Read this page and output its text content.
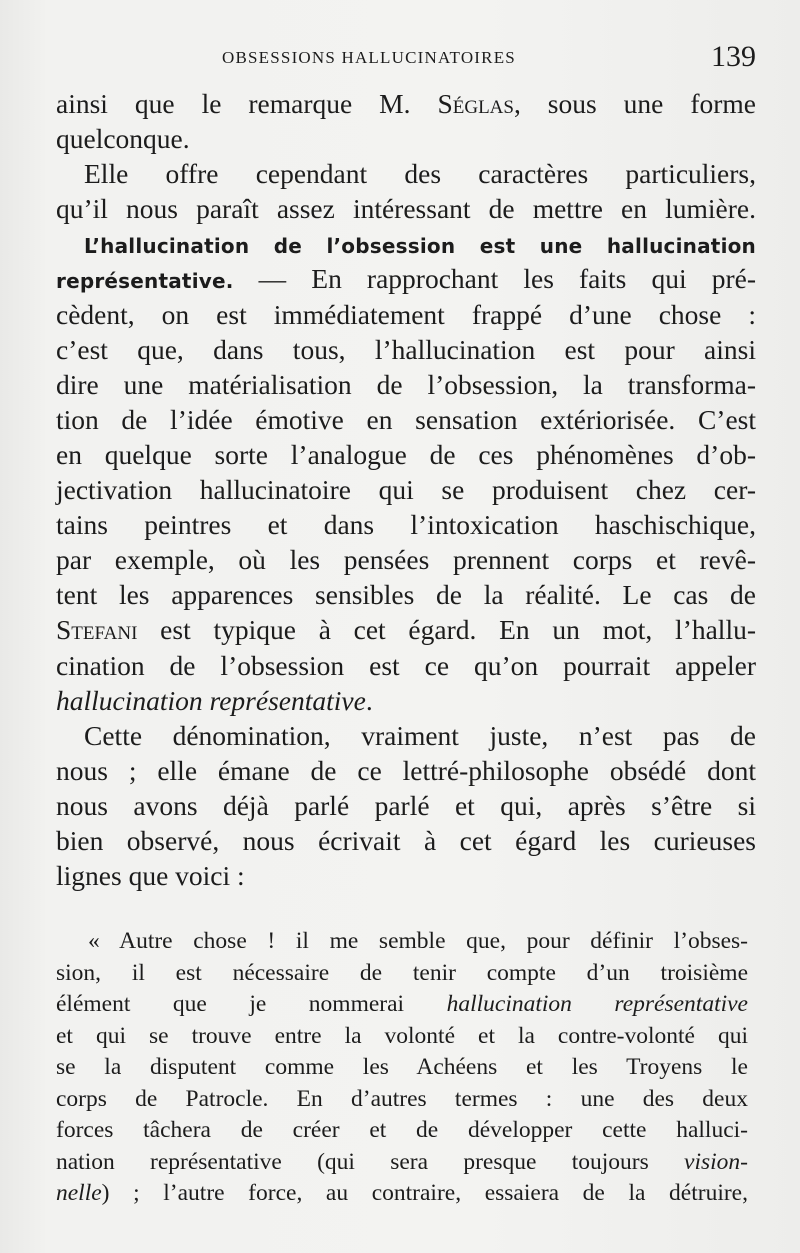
OBSESSIONS HALLUCINATOIRES	139
ainsi que le remarque M. Séglas, sous une forme
quelconque.
Elle offre cependant des caractères particuliers,
qu’il nous paraît assez intéressant de mettre en lumière.
L’hallucination de l’obsession est une hallucination
représentative. — En rapprochant les faits qui pré-
cèdent, on est immédiatement frappé d’une chose :
c’est que, dans tous, l’hallucination est pour ainsi
dire une matérialisation de l’obsession, la transforma-
tion de l’idée émotive en sensation extériorisée. C’est
en quelque sorte l’analogue de ces phénomènes d’ob-
jectivation hallucinatoire qui se produisent chez cer-
tains peintres et dans l’intoxication haschischique,
par exemple, où les pensées prennent corps et revê-
tent les apparences sensibles de la réalité. Le cas de
Stefani est typique à cet égard. En un mot, l’hallu-
cination de l’obsession est ce qu’on pourrait appeler
hallucination représentative.
Cette dénomination, vraiment juste, n’est pas de
nous ; elle émane de ce lettré-philosophe obsédé dont
nous avons déjà parlé parlé et qui, après s’être si
bien observé, nous écrivait à cet égard les curieuses
lignes que voici :
« Autre chose ! il me semble que, pour définir l’obses-
sion, il est nécessaire de tenir compte d’un troisième
élément que je nommerai hallucination représentative
et qui se trouve entre la volonté et la contre-volonté qui
se la disputent comme les Achéens et les Troyens le
corps de Patrocle. En d’autres termes : une des deux
forces tâchera de créer et de développer cette halluci-
nation représentative (qui sera presque toujours vision-
nelle) ; l’autre force, au contraire, essaiera de la détruire,
